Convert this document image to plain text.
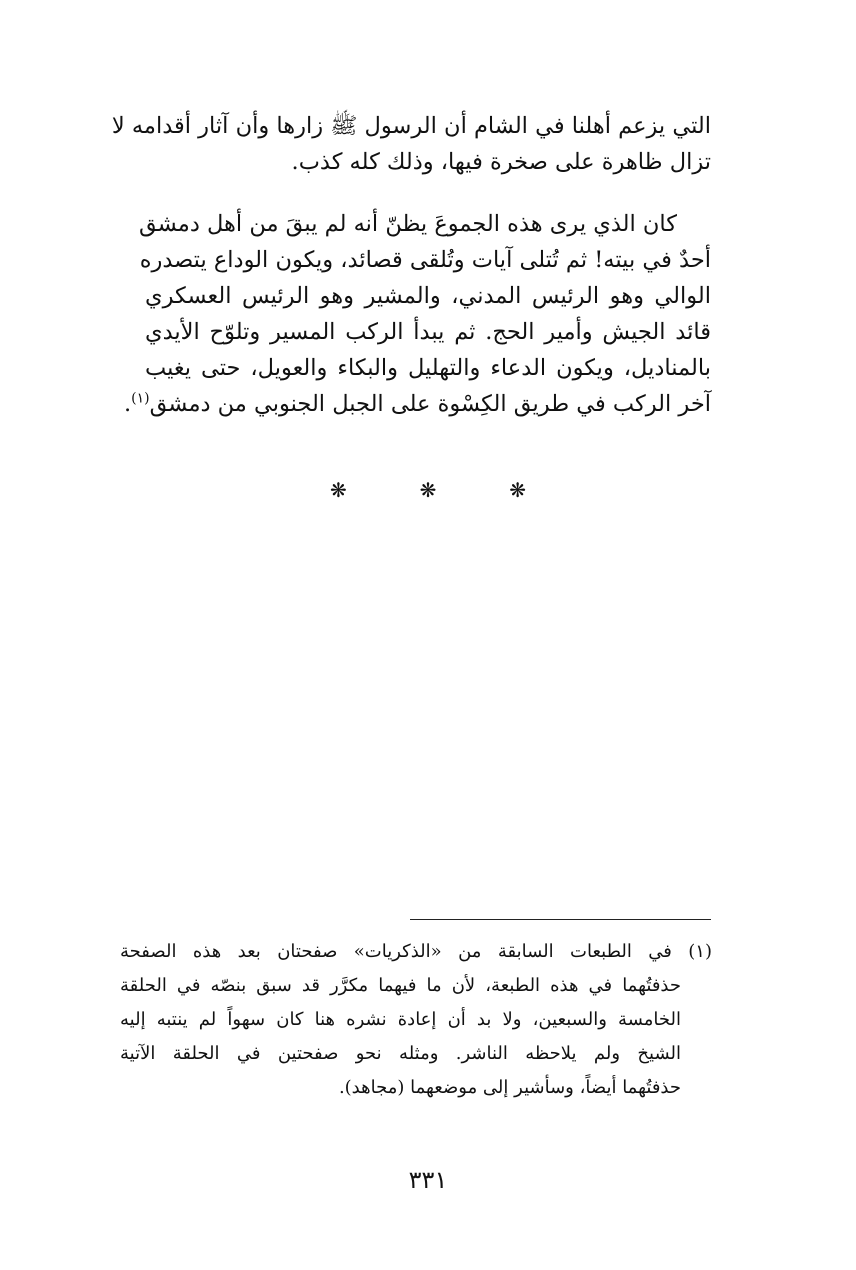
التي يزعم أهلنا في الشام أن الرسول ﷺ زارها وأن آثار أقدامه لا
تزال ظاهرة على صخرة فيها، وذلك كله كذب.
كان الذي يرى هذه الجموعَ يظنّ أنه لم يبقَ من أهل دمشق
أحدٌ في بيته! ثم تُتلى آيات وتُلقى قصائد، ويكون الوداع يتصدره
الوالي وهو الرئيس المدني، والمشير وهو الرئيس العسكري
قائد الجيش وأمير الحج. ثم يبدأ الركب المسير وتلوّح الأيدي
بالمناديل، ويكون الدعاء والتهليل والبكاء والعويل، حتى يغيب
آخر الركب في طريق الكِسْوة على الجبل الجنوبي من دمشق$^{(١)}$.
❋	❋	❋
(١) في الطبعات السابقة من «الذكريات» صفحتان بعد هذه الصفحة
حذفتُهما في هذه الطبعة، لأن ما فيهما مكرَّر قد سبق بنصّه في الحلقة
الخامسة والسبعين، ولا بد أن إعادة نشره هنا كان سهواً لم ينتبه إليه
الشيخ ولم يلاحظه الناشر. ومثله نحو صفحتين في الحلقة الآتية
حذفتُهما أيضاً، وسأشير إلى موضعهما (مجاهد).
٣٣١
